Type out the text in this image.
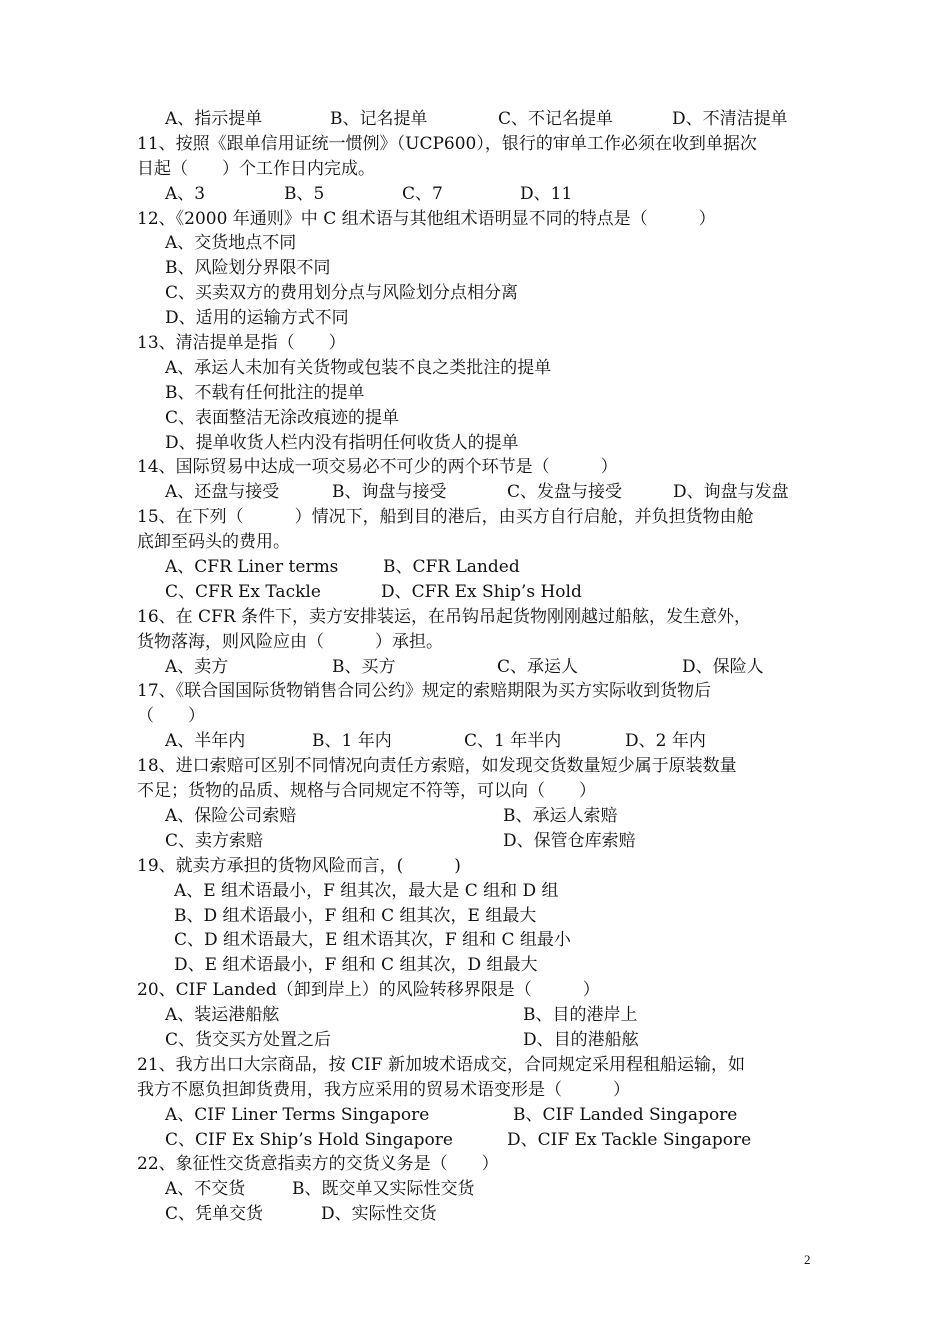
A、指示提单	B、记名提单	C、不记名提单	D、不清洁提单
11、按照《跟单信用证统一惯例》（UCP600），银行的审单工作必须在收到单据次
日起（　　）个工作日内完成。
A、3	B、5	C、7	D、11
12、《2000 年通则》中 C 组术语与其他组术语明显不同的特点是（　　　）
A、交货地点不同
B、风险划分界限不同
C、买卖双方的费用划分点与风险划分点相分离
D、适用的运输方式不同
13、清洁提单是指（　　）
A、承运人未加有关货物或包装不良之类批注的提单
B、不载有任何批注的提单
C、表面整洁无涂改痕迹的提单
D、提单收货人栏内没有指明任何收货人的提单
14、国际贸易中达成一项交易必不可少的两个环节是（　　　）
A、还盘与接受	B、询盘与接受	C、发盘与接受	D、询盘与发盘
15、在下列（　　　）情况下，船到目的港后，由买方自行启舱，并负担货物由舱
底卸至码头的费用。
A、CFR Liner terms	B、CFR Landed
C、CFR Ex Tackle	D、CFR Ex Ship’s Hold
16、在 CFR 条件下，卖方安排装运，在吊钩吊起货物刚刚越过船舷，发生意外，
货物落海，则风险应由（　　　）承担。
A、卖方	B、买方	C、承运人	D、保险人
17、《联合国国际货物销售合同公约》规定的索赔期限为买方实际收到货物后
（　　）
A、半年内	B、1 年内	C、1 年半内	D、2 年内
18、进口索赔可区别不同情况向责任方索赔，如发现交货数量短少属于原装数量
不足；货物的品质、规格与合同规定不符等，可以向（　　）
A、保险公司索赔	B、承运人索赔
C、卖方索赔	D、保管仓库索赔
19、就卖方承担的货物风险而言，(　　　)
A、E 组术语最小，F 组其次，最大是 C 组和 D 组
B、D 组术语最小，F 组和 C 组其次，E 组最大
C、D 组术语最大，E 组术语其次，F 组和 C 组最小
D、E 组术语最小，F 组和 C 组其次，D 组最大
20、CIF Landed（卸到岸上）的风险转移界限是（　　　）
A、装运港船舷	B、目的港岸上
C、货交买方处置之后	D、目的港船舷
21、我方出口大宗商品，按 CIF 新加坡术语成交，合同规定采用程租船运输，如
我方不愿负担卸货费用，我方应采用的贸易术语变形是（　　　）
A、CIF Liner Terms Singapore	B、CIF Landed Singapore
C、CIF Ex Ship’s Hold Singapore	D、CIF Ex Tackle Singapore
22、象征性交货意指卖方的交货义务是（　　）
A、不交货	B、既交单又实际性交货
C、凭单交货	D、实际性交货
2
